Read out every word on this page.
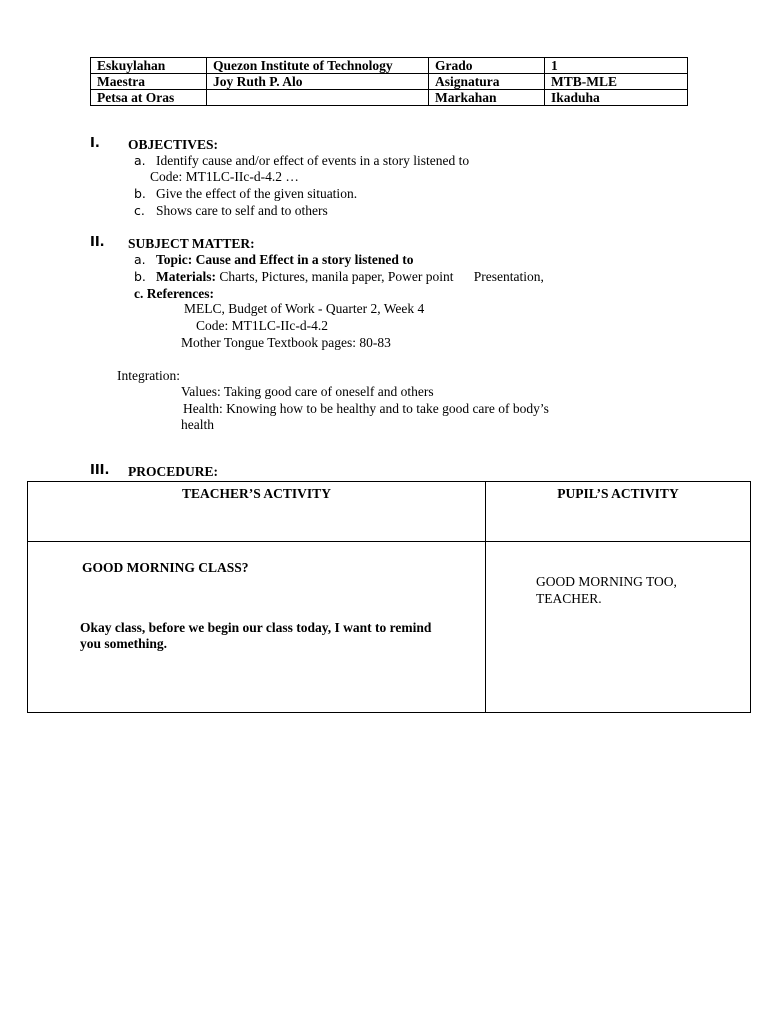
Eskuylahan	Quezon Institute of Technology	Grado	1
Maestra	Joy Ruth P. Alo	Asignatura	MTB-MLE
Petsa at Oras		Markahan	Ikaduha
I. OBJECTIVES:
a. Identify cause and/or effect of events in a story listened to
Code: MT1LC-IIc-d-4.2 …
b. Give the effect of the given situation.
c. Shows care to self and to others
II. SUBJECT MATTER:
a. Topic: Cause and Effect in a story listened to
b. Materials: Charts, Pictures, manila paper, Power point      Presentation,
c. References:
MELC, Budget of Work - Quarter 2, Week 4
Code: MT1LC-IIc-d-4.2
Mother Tongue Textbook pages: 80-83
Integration:
Values: Taking good care of oneself and others
Health: Knowing how to be healthy and to take good care of body’s
health
III. PROCEDURE:
TEACHER’S ACTIVITY	PUPIL’S ACTIVITY

GOOD MORNING CLASS?
Okay class, before we begin our class today, I want to remind
you something.	GOOD MORNING TOO,
TEACHER.
